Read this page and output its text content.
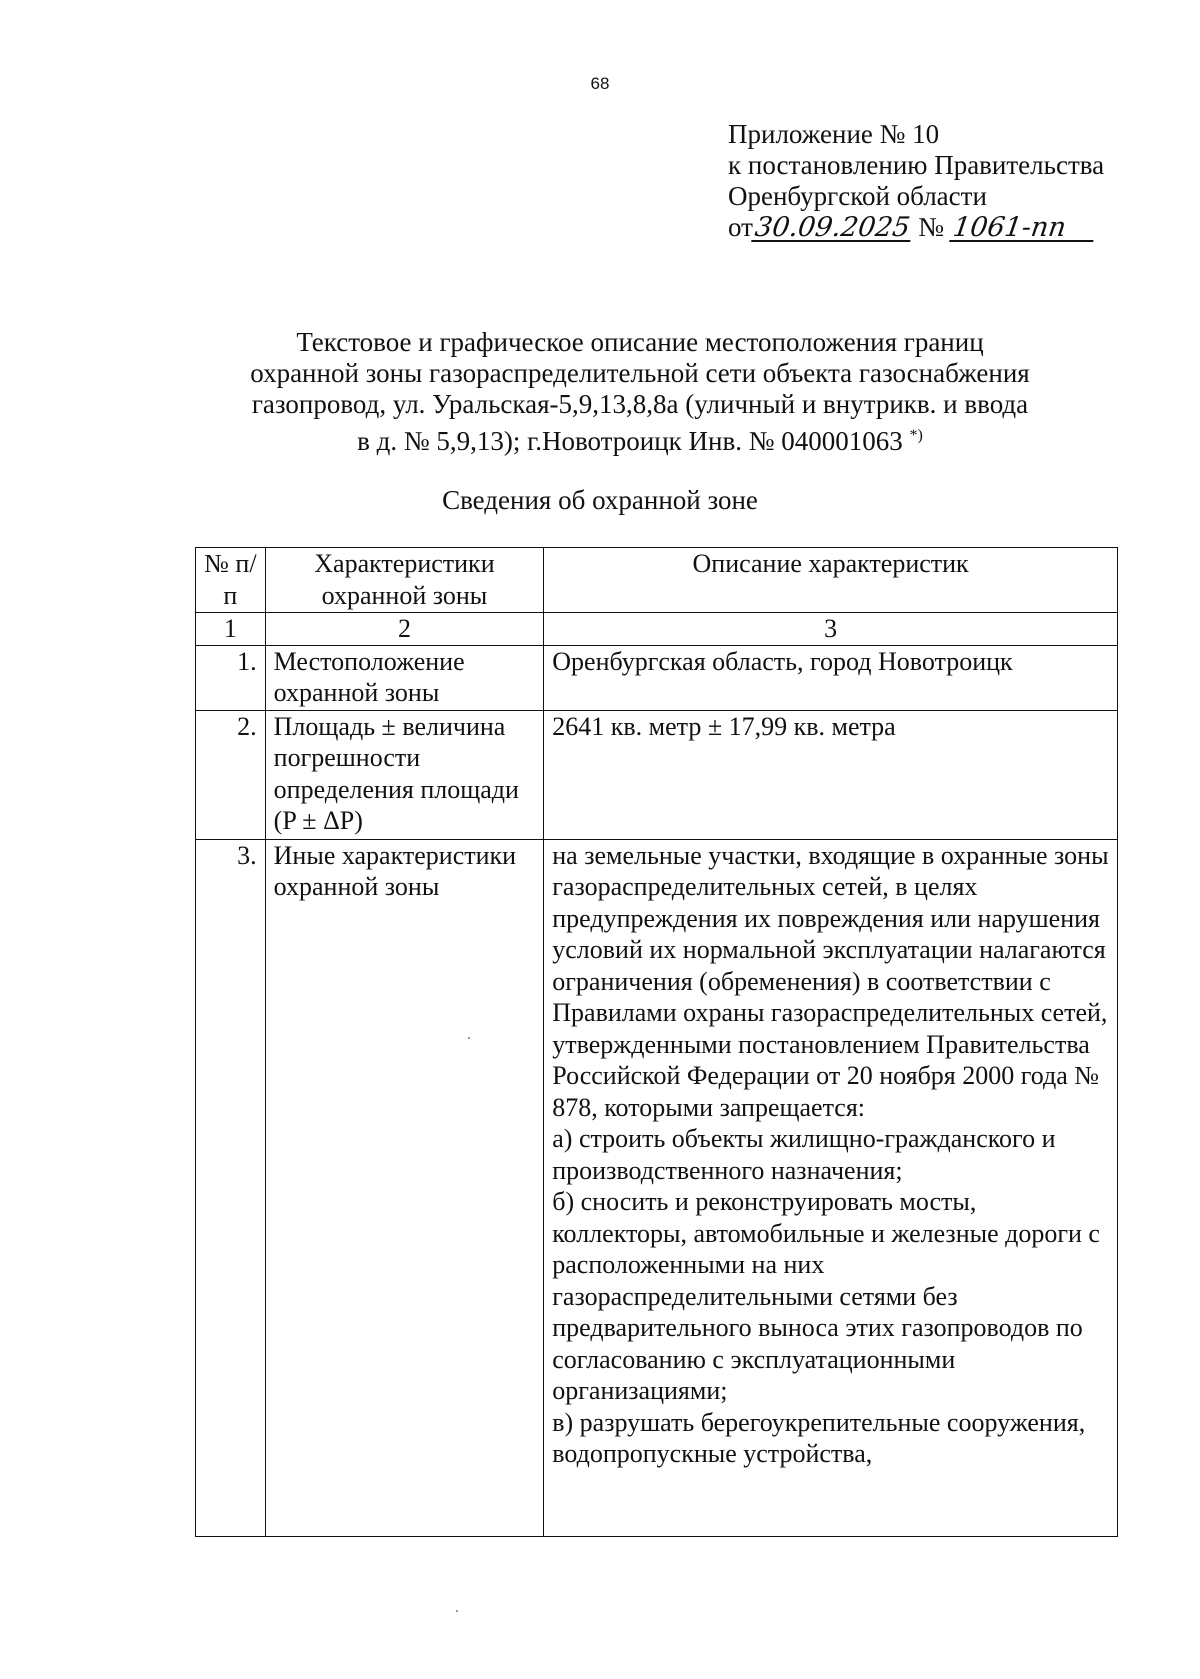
68
Приложение № 10
к постановлению Правительства
Оренбургской области
от30.09.2025 № 1061-пп
Текстовое и графическое описание местоположения границ
охранной зоны газораспределительной сети объекта газоснабжения
газопровод, ул. Уральская-5,9,13,8,8а (уличный и внутрикв. и ввода
в д. № 5,9,13); г.Новотроицк Инв. № 040001063 *)
Сведения об охранной зоне
№ п/п	Характеристики охранной зоны	Описание характеристик
1	2	3
1.	Местоположение охранной зоны	Оренбургская область, город Новотроицк
2.	Площадь ± величина погрешности определения площади (P ± ΔP)	2641 кв. метр ± 17,99 кв. метра
3.	Иные характеристики охранной зоны	на земельные участки, входящие в охранные зоны газораспределительных сетей, в целях предупреждения их повреждения или нарушения условий их нормальной эксплуатации налагаются ограничения (обременения) в соответствии с Правилами охраны газораспределительных сетей, утвержденными постановлением Правительства Российской Федерации от 20 ноября 2000 года № 878, которыми запрещается:
а) строить объекты жилищно-гражданского и производственного назначения;
б) сносить и реконструировать мосты, коллекторы, автомобильные и железные дороги с расположенными на них газораспределительными сетями без предварительного выноса этих газопроводов по согласованию с эксплуатационными организациями;
в) разрушать берегоукрепительные сооружения, водопропускные устройства,
